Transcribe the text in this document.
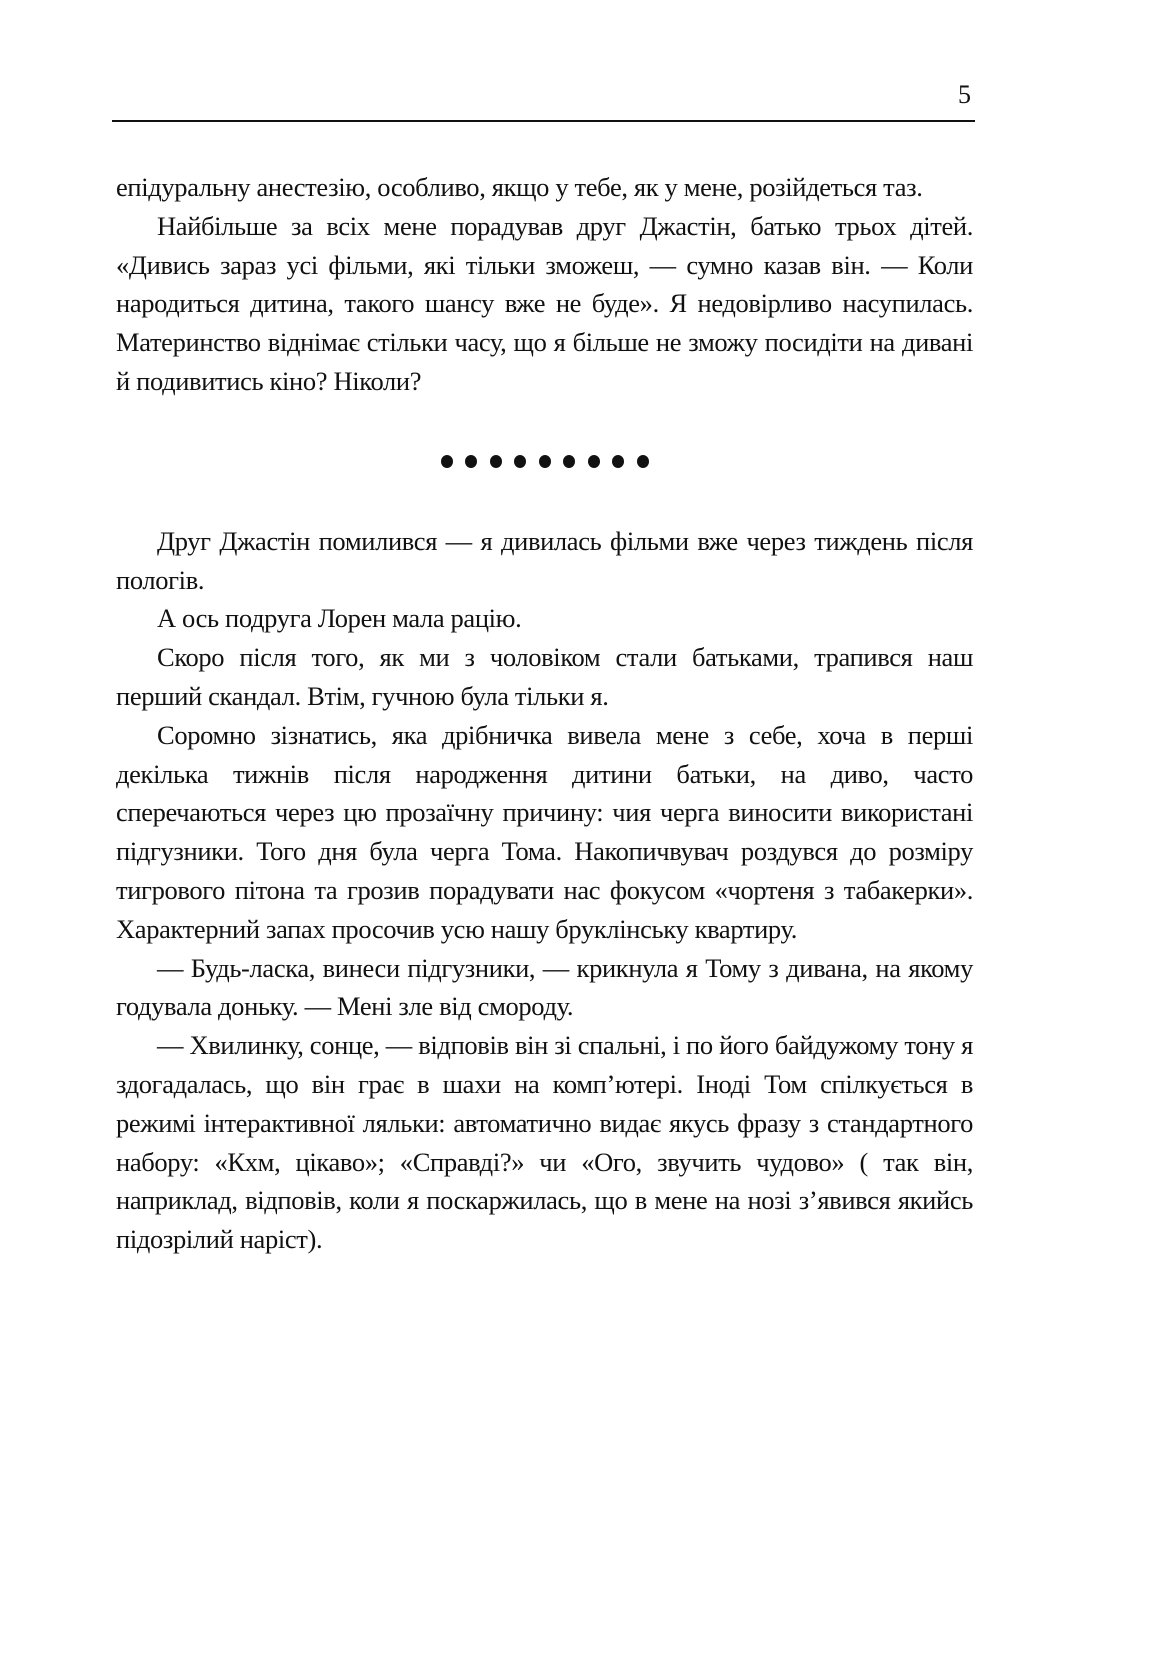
5

епідуральну анестезію, особливо, якщо у тебе, як у мене, розійдеться таз.

Найбільше за всіх мене порадував друг Джастін, батько трьох дітей. «Дивись зараз усі фільми, які тільки зможеш, — сумно казав він. — Коли народиться дитина, такого шансу вже не буде». Я недовірливо насупилась. Материнство віднімає стільки часу, що я більше не зможу посидіти на дивані й подивитись кіно? Ніколи?

Друг Джастін помилився — я дивилась фільми вже через тиждень після пологів.

А ось подруга Лорен мала рацію.

Скоро після того, як ми з чоловіком стали батьками, трапився наш перший скандал. Втім, гучною була тільки я.

Соромно зізнатись, яка дрібничка вивела мене з себе, хоча в перші декілька тижнів після народження дитини батьки, на диво, часто сперечаються через цю прозаїчну причину: чия черга виносити використані підгузники. Того дня була черга Тома. Накопичвувач роздувся до розміру тигрового пітона та грозив порадувати нас фокусом «чортеня з табакерки». Характерний запах просочив усю нашу бруклінську квартиру.

— Будь-ласка, винеси підгузники, — крикнула я Тому з дивана, на якому годувала доньку. — Мені зле від смороду.

— Хвилинку, сонце, — відповів він зі спальні, і по його байдужому тону я здогадалась, що він грає в шахи на комп’ютері. Іноді Том спілкується в режимі інтерактивної ляльки: автоматично видає якусь фразу з стандартного набору: «Кхм, цікаво»; «Справді?» чи «Ого, звучить чудово» ( так він, наприклад, відповів, коли я поскаржилась, що в мене на нозі з’явився якийсь підозрілий наріст).
